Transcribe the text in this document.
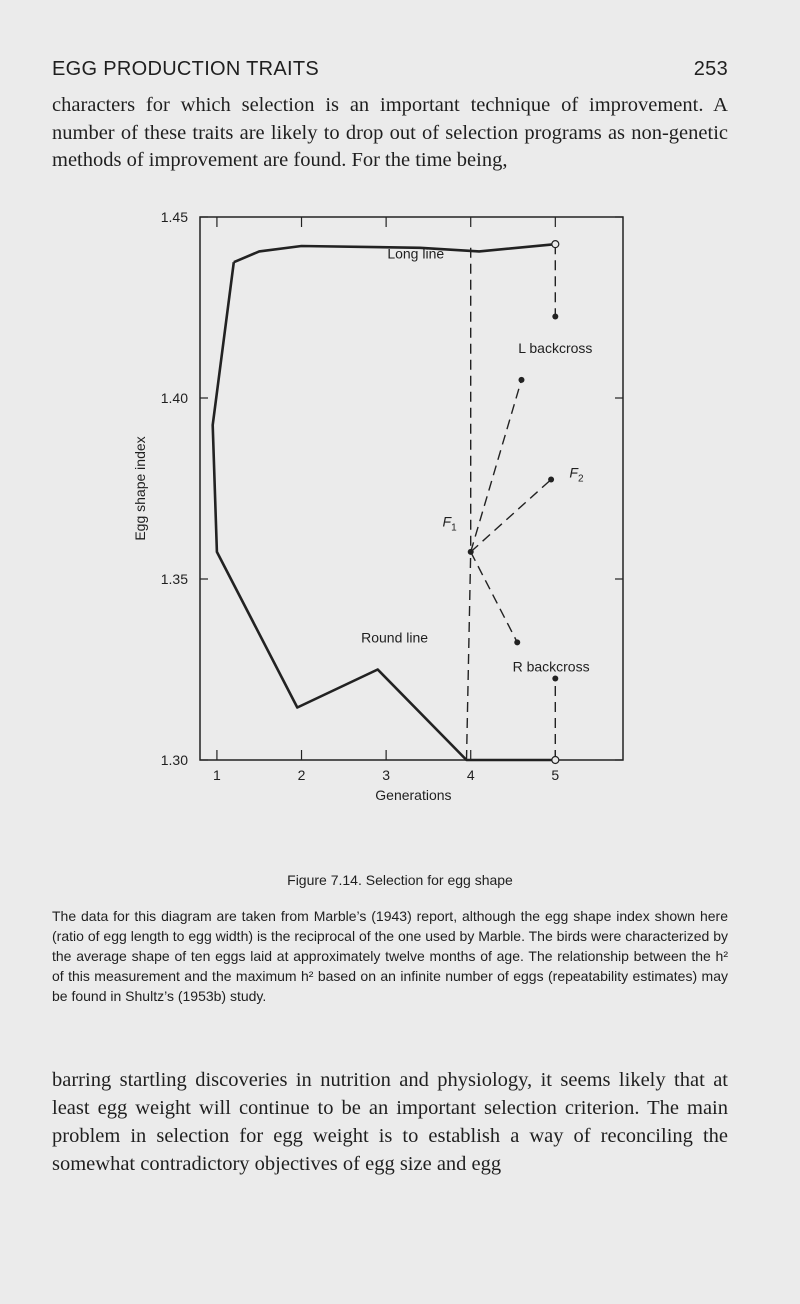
EGG PRODUCTION TRAITS	253

characters for which selection is an important technique of improvement. A number of these traits are likely to drop out of selection programs as non-genetic methods of improvement are found. For the time being,

1	2	3	4	5
1.30
1.35
1.40
1.45
Generations
Egg shape index
Long line
L backcross
$F_2$
$F_1$
Round line
R backcross
Figure 7.14. Selection for egg shape

The data for this diagram are taken from Marble’s (1943) report, although the egg shape index shown here (ratio of egg length to egg width) is the reciprocal of the one used by Marble. The birds were characterized by the average shape of ten eggs laid at approximately twelve months of age. The relationship between the h² of this measurement and the maximum h² based on an infinite number of eggs (repeatability estimates) may be found in Shultz’s (1953b) study.

barring startling discoveries in nutrition and physiology, it seems likely that at least egg weight will continue to be an important selection criterion. The main problem in selection for egg weight is to establish a way of reconciling the somewhat contradictory objectives of egg size and egg
